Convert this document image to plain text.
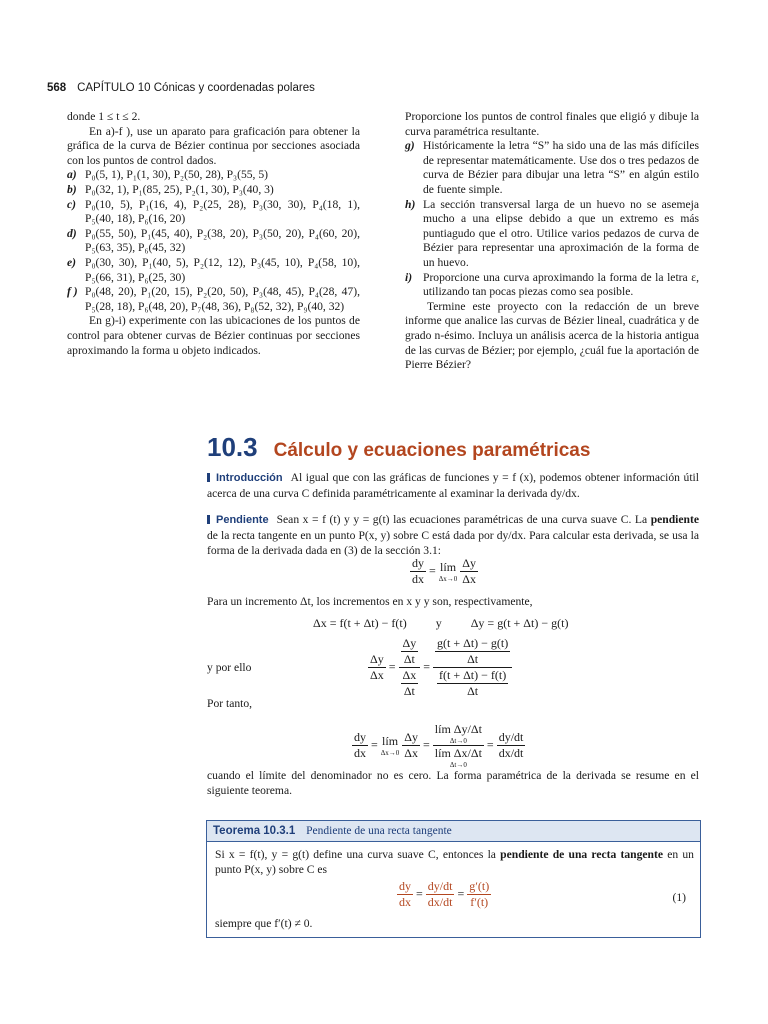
568 CAPÍTULO 10 Cónicas y coordenadas polares

donde 1 ≤ t ≤ 2.

En a)-f ), use un aparato para graficación para obtener la gráfica de la curva de Bézier continua por secciones asociada con los puntos de control dados.

a) P₀(5, 1), P₁(1, 30), P₂(50, 28), P₃(55, 5)
b) P₀(32, 1), P₁(85, 25), P₂(1, 30), P₃(40, 3)
c) P₀(10, 5), P₁(16, 4), P₂(25, 28), P₃(30, 30), P₄(18, 1), P₅(40, 18), P₆(16, 20)
d) P₀(55, 50), P₁(45, 40), P₂(38, 20), P₃(50, 20), P₄(60, 20), P₅(63, 35), P₆(45, 32)
e) P₀(30, 30), P₁(40, 5), P₂(12, 12), P₃(45, 10), P₄(58, 10), P₅(66, 31), P₆(25, 30)
f ) P₀(48, 20), P₁(20, 15), P₂(20, 50), P₃(48, 45), P₄(28, 47), P₅(28, 18), P₆(48, 20), P₇(48, 36), P₈(52, 32), P₉(40, 32)

En g)-i) experimente con las ubicaciones de los puntos de control para obtener curvas de Bézier continuas por secciones aproximando la forma u objeto indicados.

Proporcione los puntos de control finales que eligió y dibuje la curva paramétrica resultante.

g) Históricamente la letra “S” ha sido una de las más difíciles de representar matemáticamente. Use dos o tres pedazos de curva de Bézier para dibujar una letra “S” en algún estilo de fuente simple.
h) La sección transversal larga de un huevo no se asemeja mucho a una elipse debido a que un extremo es más puntiagudo que el otro. Utilice varios pedazos de curva de Bézier para representar una aproximación de la forma de un huevo.
i) Proporcione una curva aproximando la forma de la letra ε, utilizando tan pocas piezas como sea posible.

Termine este proyecto con la redacción de un breve informe que analice las curvas de Bézier lineal, cuadrática y de grado n-ésimo. Incluya un análisis acerca de la historia antigua de las curvas de Bézier; por ejemplo, ¿cuál fue la aportación de Pierre Bézier?

10.3 Cálculo y ecuaciones paramétricas
Introducción Al igual que con las gráficas de funciones y = f (x), podemos obtener información útil acerca de una curva C definida paramétricamente al examinar la derivada dy/dx.
Pendiente Sean x = f (t) y y = g(t) las ecuaciones paramétricas de una curva suave C. La pendiente de la recta tangente en un punto P(x, y) sobre C está dada por dy/dx. Para calcular esta derivada, se usa la forma de la derivada dada en (3) de la sección 3.1:
$\frac{dy}{dx}$ = lím
Δx→0
$\frac{\Delta y}{\Delta x}$
Para un incremento Δt, los incrementos en x y y son, respectivamente,
Δx = f(t + Δt) − f(t) y Δy = g(t + Δt) − g(t)
y por ello	$\frac{\Delta y}{\Delta x} = \frac{\frac{\Delta y}{\Delta t}}{\frac{\Delta x}{\Delta t}} = \frac{\frac{g(t + \Delta t) - g(t)}{\Delta t}}{\frac{f(t + \Delta t) - f(t)}{\Delta t}}$
Por tanto,
$\frac{dy}{dx}$ = lím
Δx→0
$\frac{\Delta y}{\Delta x}$ = lím Δy/Δt
Δt→0
lím Δx/Δt
$\Delta t\to 0 = \frac{dy/dt}{dx/dt}$
cuando el límite del denominador no es cero. La forma paramétrica de la derivada se resume en el siguiente teorema.
Teorema 10.3.1 Pendiente de una recta tangente
Si x = f(t), y = g(t) define una curva suave C, entonces la pendiente de una recta tangente en un punto P(x, y) sobre C es
$\frac{dy}{dx} = \frac{dy/dt}{dx/dt} = \frac{g'(t)}{f'(t)}$	(1)
siempre que f′(t) ≠ 0.
